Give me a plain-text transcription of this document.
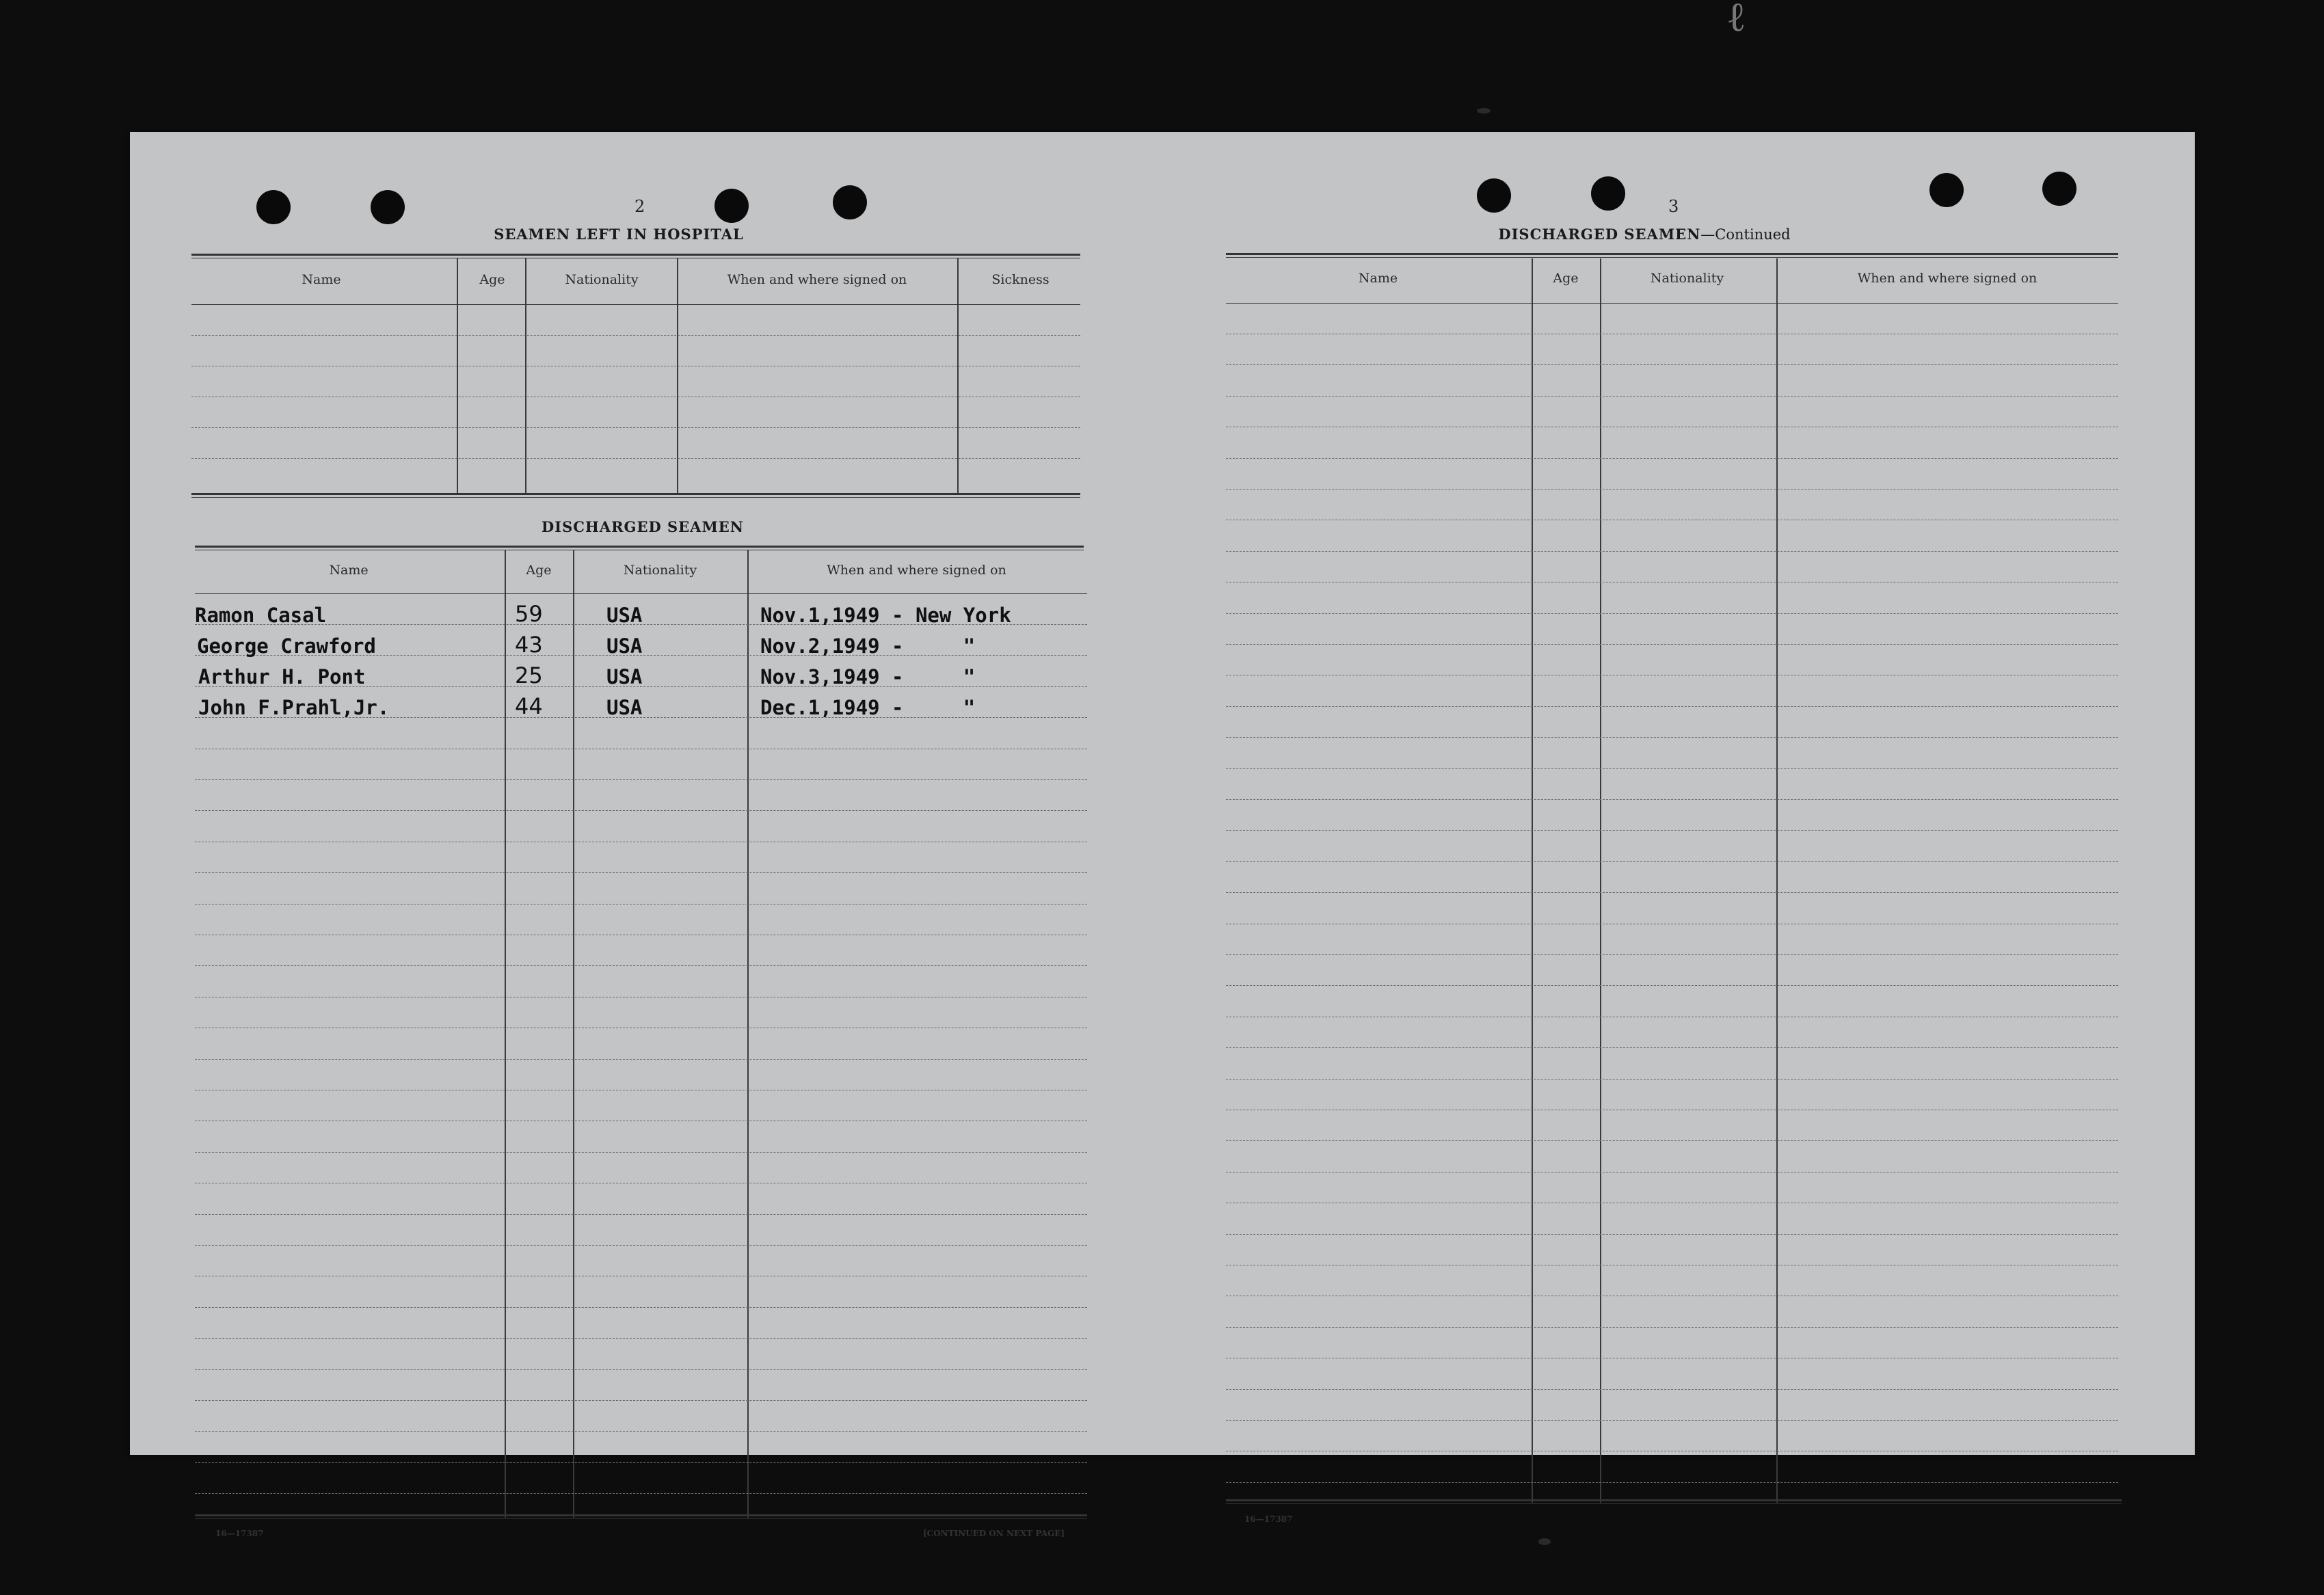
ℓ
2
SEAMEN LEFT IN HOSPITAL
Name	Age	Nationality	When and where signed on	Sickness
DISCHARGED SEAMEN
Name	Age	Nationality	When and where signed on
Ramon Casal	59	USA	Nov.1,1949 - New York
George Crawford	43	USA	Nov.2,1949 -     "
Arthur H. Pont	25	USA	Nov.3,1949 -     "
John F.Prahl,Jr.	44	USA	Dec.1,1949 -     "
16—17387	[CONTINUED ON NEXT PAGE]
3
DISCHARGED SEAMEN—Continued
Name	Age	Nationality	When and where signed on
16—17387
